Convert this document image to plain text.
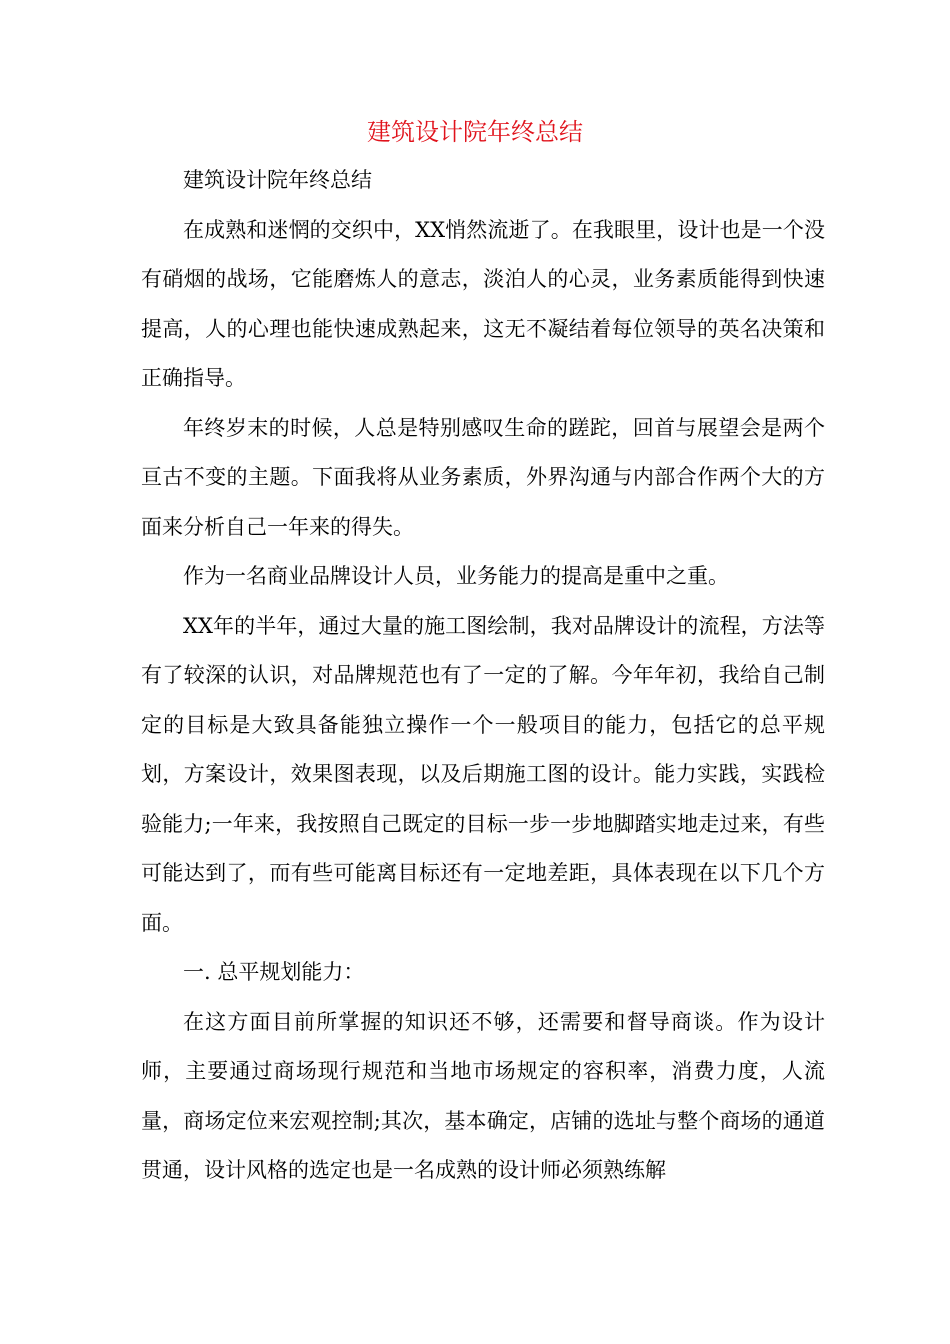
建筑设计院年终总结

建筑设计院年终总结

在成熟和迷惘的交织中，XX悄然流逝了。在我眼里，设计也是一个没有硝烟的战场，它能磨炼人的意志，淡泊人的心灵，业务素质能得到快速提高，人的心理也能快速成熟起来，这无不凝结着每位领导的英名决策和正确指导。

年终岁末的时候，人总是特别感叹生命的蹉跎，回首与展望会是两个亘古不变的主题。下面我将从业务素质，外界沟通与内部合作两个大的方面来分析自己一年来的得失。

作为一名商业品牌设计人员，业务能力的提高是重中之重。

XX年的半年，通过大量的施工图绘制，我对品牌设计的流程，方法等有了较深的认识，对品牌规范也有了一定的了解。今年年初，我给自己制定的目标是大致具备能独立操作一个一般项目的能力，包括它的总平规划，方案设计，效果图表现，以及后期施工图的设计。能力实践，实践检验能力;一年来，我按照自己既定的目标一步一步地脚踏实地走过来，有些可能达到了，而有些可能离目标还有一定地差距，具体表现在以下几个方面。

一. 总平规划能力：

在这方面目前所掌握的知识还不够，还需要和督导商谈。作为设计师，主要通过商场现行规范和当地市场规定的容积率，消费力度，人流量，商场定位来宏观控制;其次，基本确定，店铺的选址与整个商场的通道贯通，设计风格的选定也是一名成熟的设计师必须熟练解
